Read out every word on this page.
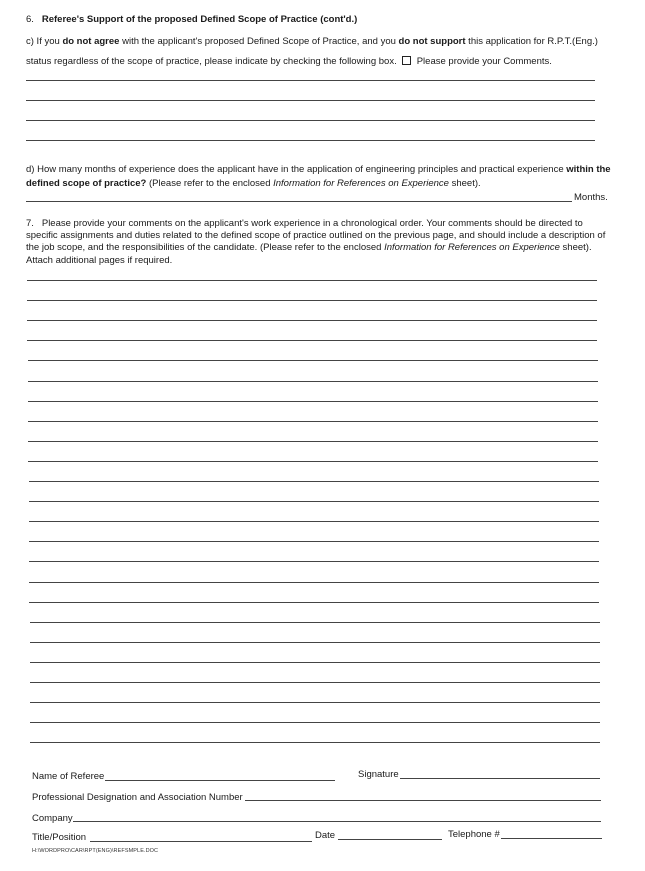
6. Referee's Support of the proposed Defined Scope of Practice (cont'd.)
c) If you do not agree with the applicant's proposed Defined Scope of Practice, and you do not support this application for R.P.T.(Eng.)
status regardless of the scope of practice, please indicate by checking the following box. Please provide your Comments.
d) How many months of experience does the applicant have in the application of engineering principles and practical experience within the
defined scope of practice? (Please refer to the enclosed Information for References on Experience sheet).
Months.
7. Please provide your comments on the applicant's work experience in a chronological order. Your comments should be directed to
specific assignments and duties related to the defined scope of practice outlined on the previous page, and should include a description of
the job scope, and the responsibilities of the candidate. (Please refer to the enclosed Information for References on Experience sheet).
Attach additional pages if required.
Name of Referee	Signature
Professional Designation and Association Number
Company
Title/Position	Date	Telephone #
H:\WORDPRO\CAR\RPT(ENG)\REFSMPLE.DOC
